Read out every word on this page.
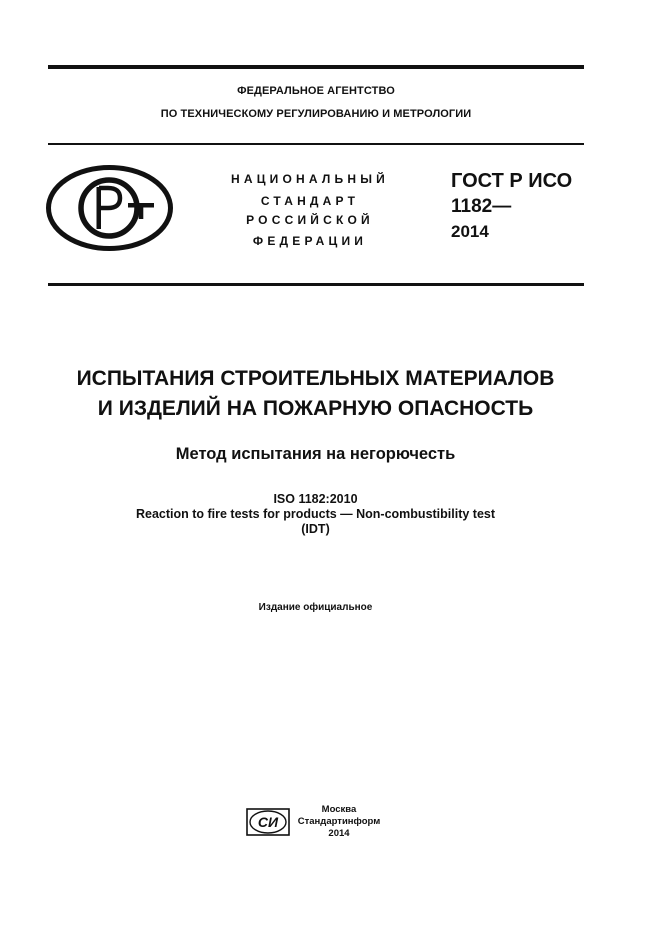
ФЕДЕРАЛЬНОЕ АГЕНТСТВО
ПО ТЕХНИЧЕСКОМУ РЕГУЛИРОВАНИЮ И МЕТРОЛОГИИ
НАЦИОНАЛЬНЫЙ
СТАНДАРТ
РОССИЙСКОЙ
ФЕДЕРАЦИИ
ГОСТ Р ИСО
1182—
2014
ИСПЫТАНИЯ СТРОИТЕЛЬНЫХ МАТЕРИАЛОВ
И ИЗДЕЛИЙ НА ПОЖАРНУЮ ОПАСНОСТЬ
Метод испытания на негорючесть
ISO 1182:2010
Reaction to fire tests for products — Non-combustibility test
(IDT)
Издание официальное
СИ
Москва
Стандартинформ
2014
